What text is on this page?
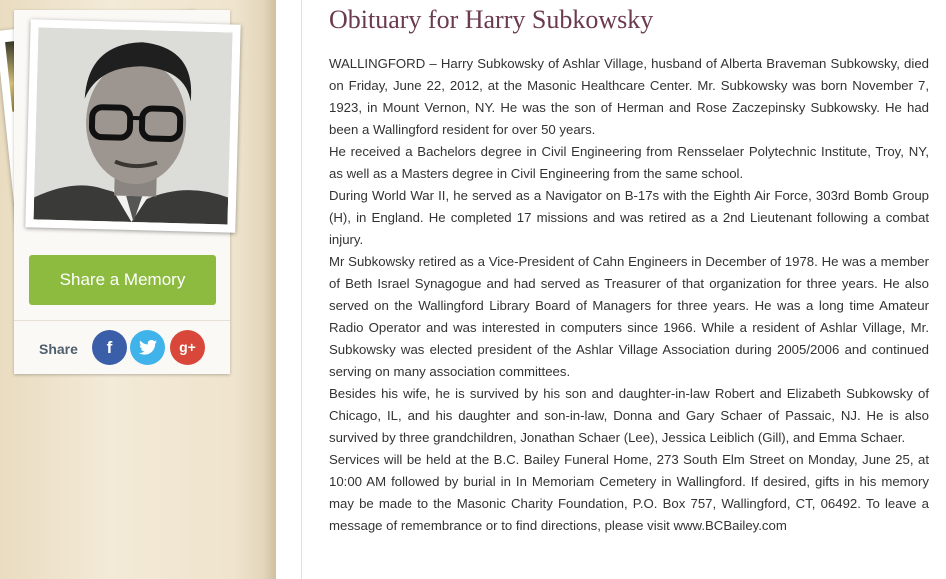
Share a Memory
Share	f	g+
Obituary for Harry Subkowsky

WALLINGFORD – Harry Subkowsky of Ashlar Village, husband of Alberta Braveman Subkowsky, died on Friday, June 22, 2012, at the Masonic Healthcare Center. Mr. Subkowsky was born November 7, 1923, in Mount Vernon, NY. He was the son of Herman and Rose Zaczepinsky Subkowsky. He had been a Wallingford resident for over 50 years.

He received a Bachelors degree in Civil Engineering from Rensselaer Polytechnic Institute, Troy, NY, as well as a Masters degree in Civil Engineering from the same school.

During World War II, he served as a Navigator on B-17s with the Eighth Air Force, 303rd Bomb Group (H), in England. He completed 17 missions and was retired as a 2nd Lieutenant following a combat injury.

Mr Subkowsky retired as a Vice-President of Cahn Engineers in December of 1978. He was a member of Beth Israel Synagogue and had served as Treasurer of that organization for three years. He also served on the Wallingford Library Board of Managers for three years. He was a long time Amateur Radio Operator and was interested in computers since 1966. While a resident of Ashlar Village, Mr. Subkowsky was elected president of the Ashlar Village Association during 2005/2006 and continued serving on many association committees.

Besides his wife, he is survived by his son and daughter-in-law Robert and Elizabeth Subkowsky of Chicago, IL, and his daughter and son-in-law, Donna and Gary Schaer of Passaic, NJ. He is also survived by three grandchildren, Jonathan Schaer (Lee), Jessica Leiblich (Gill), and Emma Schaer.

Services will be held at the B.C. Bailey Funeral Home, 273 South Elm Street on Monday, June 25, at 10:00 AM followed by burial in In Memoriam Cemetery in Wallingford. If desired, gifts in his memory may be made to the Masonic Charity Foundation, P.O. Box 757, Wallingford, CT, 06492. To leave a message of remembrance or to find directions, please visit www.BCBailey.com
